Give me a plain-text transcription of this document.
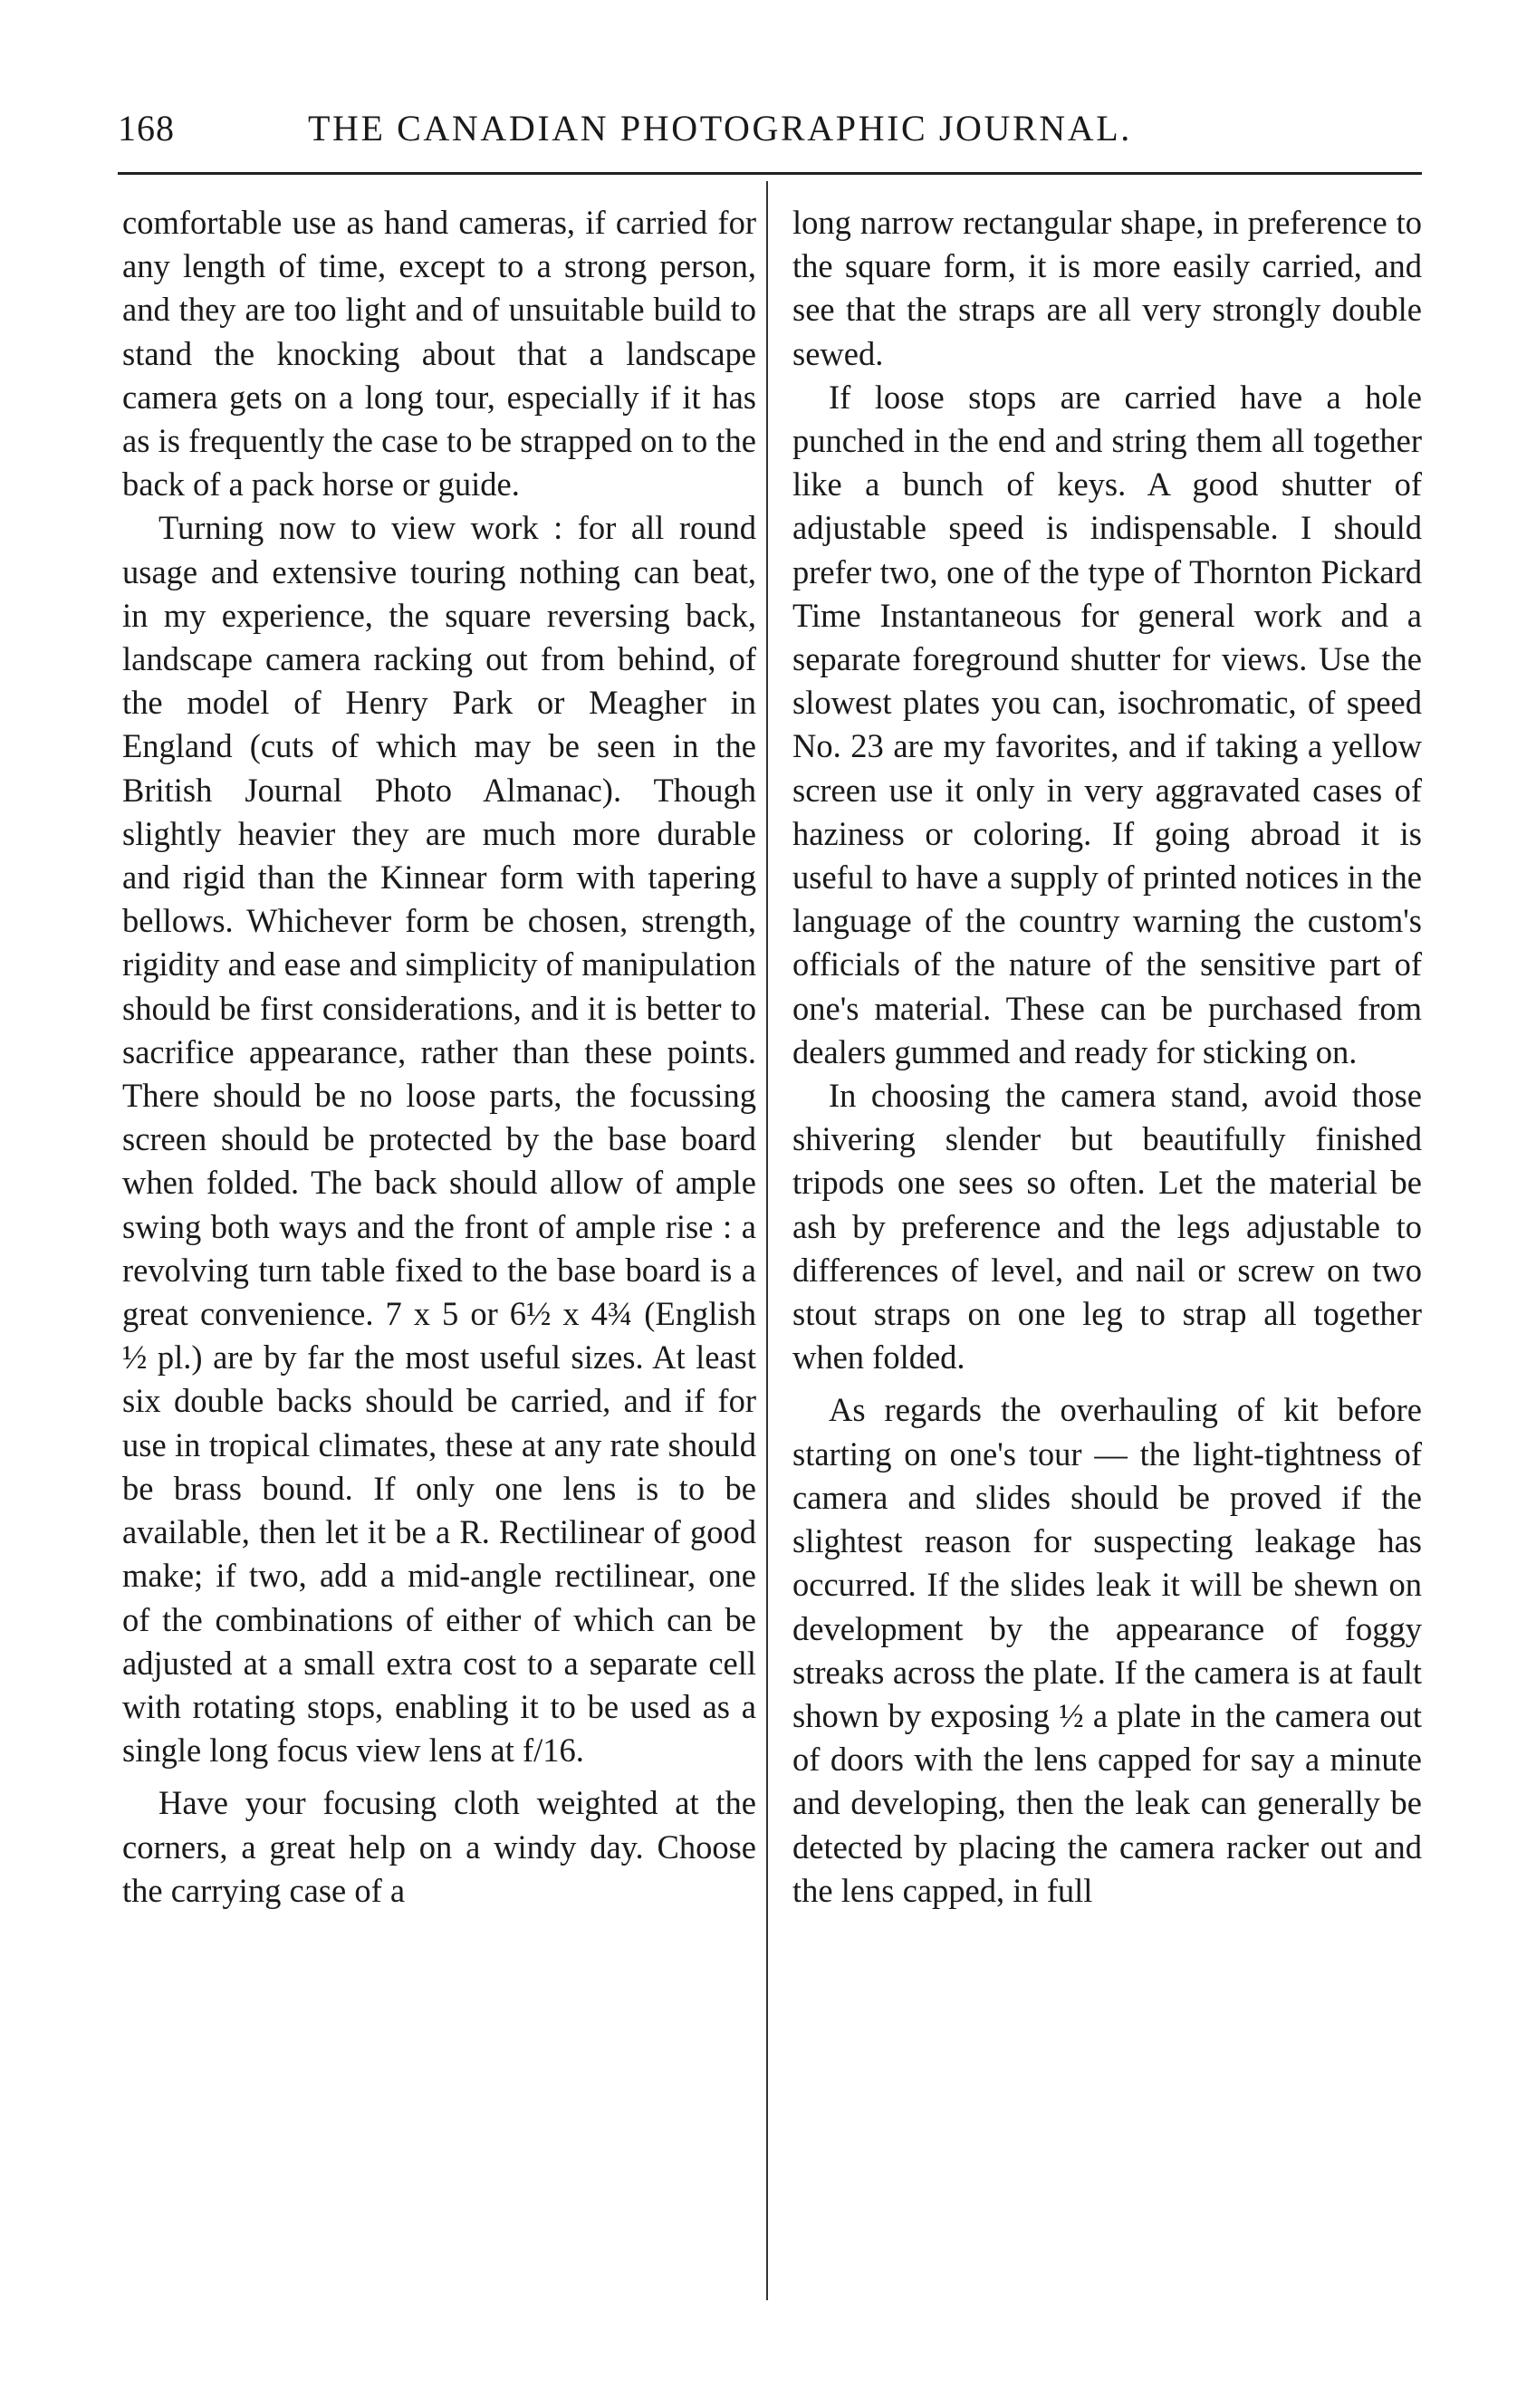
168	THE CANADIAN PHOTOGRAPHIC JOURNAL.

comfortable use as hand cameras, if carried for any length of time, except to a strong person, and they are too light and of unsuitable build to stand the knocking about that a landscape camera gets on a long tour, especially if it has as is frequently the case to be strapped on to the back of a pack horse or guide.

Turning now to view work : for all round usage and extensive touring nothing can beat, in my experience, the square reversing back, landscape camera racking out from behind, of the model of Henry Park or Meagher in England (cuts of which may be seen in the British Journal Photo Almanac). Though slightly heavier they are much more durable and rigid than the Kinnear form with tapering bellows. Whichever form be chosen, strength, rigidity and ease and simplicity of manipulation should be first considerations, and it is better to sacrifice appearance, rather than these points. There should be no loose parts, the focussing screen should be protected by the base board when folded. The back should allow of ample swing both ways and the front of ample rise : a revolving turn table fixed to the base board is a great convenience. 7 x 5 or 6½ x 4¾ (English ½ pl.) are by far the most useful sizes. At least six double backs should be carried, and if for use in tropical climates, these at any rate should be brass bound. If only one lens is to be available, then let it be a R. Rectilinear of good make; if two, add a mid-angle rectilinear, one of the combinations of either of which can be adjusted at a small extra cost to a separate cell with rotating stops, enabling it to be used as a single long focus view lens at f/16.

Have your focusing cloth weighted at the corners, a great help on a windy day. Choose the carrying case of a

long narrow rectangular shape, in preference to the square form, it is more easily carried, and see that the straps are all very strongly double sewed.

If loose stops are carried have a hole punched in the end and string them all together like a bunch of keys. A good shutter of adjustable speed is indispensable. I should prefer two, one of the type of Thornton Pickard Time Instantaneous for general work and a separate foreground shutter for views. Use the slowest plates you can, isochromatic, of speed No. 23 are my favorites, and if taking a yellow screen use it only in very aggravated cases of haziness or coloring. If going abroad it is useful to have a supply of printed notices in the language of the country warning the custom's officials of the nature of the sensitive part of one's material. These can be purchased from dealers gummed and ready for sticking on.

In choosing the camera stand, avoid those shivering slender but beautifully finished tripods one sees so often. Let the material be ash by preference and the legs adjustable to differences of level, and nail or screw on two stout straps on one leg to strap all together when folded.

As regards the overhauling of kit before starting on one's tour — the light-tightness of camera and slides should be proved if the slightest reason for suspecting leakage has occurred. If the slides leak it will be shewn on development by the appearance of foggy streaks across the plate. If the camera is at fault shown by exposing ½ a plate in the camera out of doors with the lens capped for say a minute and developing, then the leak can generally be detected by placing the camera racker out and the lens capped, in full
